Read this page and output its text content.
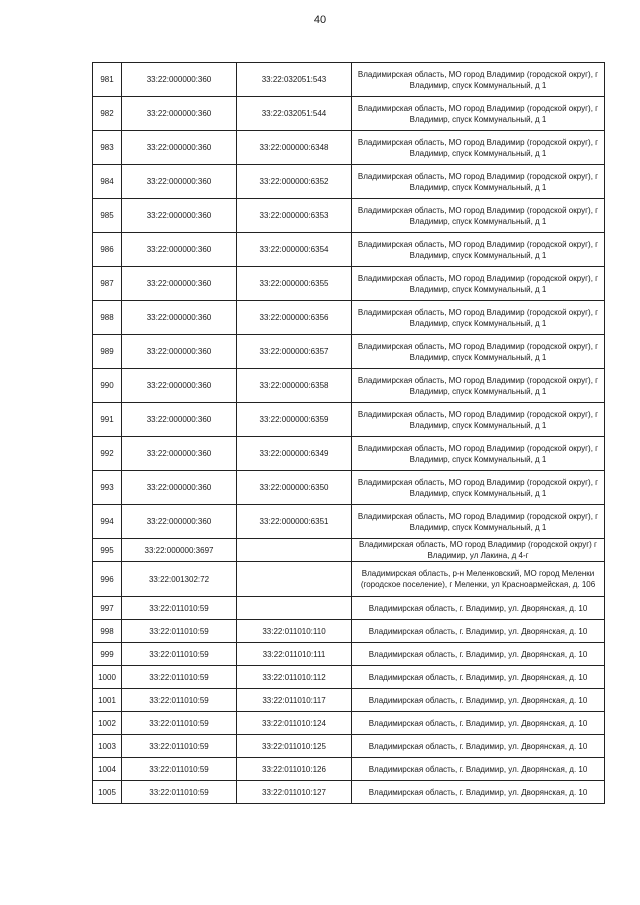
40
981	33:22:000000:360	33:22:032051:543	Владимирская область, МО город Владимир (городской округ), г Владимир, спуск Коммунальный, д 1
982	33:22:000000:360	33:22:032051:544	Владимирская область, МО город Владимир (городской округ), г Владимир, спуск Коммунальный, д 1
983	33:22:000000:360	33:22:000000:6348	Владимирская область, МО город Владимир (городской округ), г Владимир, спуск Коммунальный, д 1
984	33:22:000000:360	33:22:000000:6352	Владимирская область, МО город Владимир (городской округ), г Владимир, спуск Коммунальный, д 1
985	33:22:000000:360	33:22:000000:6353	Владимирская область, МО город Владимир (городской округ), г Владимир, спуск Коммунальный, д 1
986	33:22:000000:360	33:22:000000:6354	Владимирская область, МО город Владимир (городской округ), г Владимир, спуск Коммунальный, д 1
987	33:22:000000:360	33:22:000000:6355	Владимирская область, МО город Владимир (городской округ), г Владимир, спуск Коммунальный, д 1
988	33:22:000000:360	33:22:000000:6356	Владимирская область, МО город Владимир (городской округ), г Владимир, спуск Коммунальный, д 1
989	33:22:000000:360	33:22:000000:6357	Владимирская область, МО город Владимир (городской округ), г Владимир, спуск Коммунальный, д 1
990	33:22:000000:360	33:22:000000:6358	Владимирская область, МО город Владимир (городской округ), г Владимир, спуск Коммунальный, д 1
991	33:22:000000:360	33:22:000000:6359	Владимирская область, МО город Владимир (городской округ), г Владимир, спуск Коммунальный, д 1
992	33:22:000000:360	33:22:000000:6349	Владимирская область, МО город Владимир (городской округ), г Владимир, спуск Коммунальный, д 1
993	33:22:000000:360	33:22:000000:6350	Владимирская область, МО город Владимир (городской округ), г Владимир, спуск Коммунальный, д 1
994	33:22:000000:360	33:22:000000:6351	Владимирская область, МО город Владимир (городской округ), г Владимир, спуск Коммунальный, д 1
995	33:22:000000:3697		Владимирская область, МО город Владимир (городской округ) г Владимир, ул Лакина, д 4-г
996	33:22:001302:72		Владимирская область, р-н Меленковский, МО город Меленки (городское поселение), г Меленки, ул Красноармейская, д. 106
997	33:22:011010:59		Владимирская область, г. Владимир, ул. Дворянская, д. 10
998	33:22:011010:59	33:22:011010:110	Владимирская область, г. Владимир, ул. Дворянская, д. 10
999	33:22:011010:59	33:22:011010:111	Владимирская область, г. Владимир, ул. Дворянская, д. 10
1000	33:22:011010:59	33:22:011010:112	Владимирская область, г. Владимир, ул. Дворянская, д. 10
1001	33:22:011010:59	33:22:011010:117	Владимирская область, г. Владимир, ул. Дворянская, д. 10
1002	33:22:011010:59	33:22:011010:124	Владимирская область, г. Владимир, ул. Дворянская, д. 10
1003	33:22:011010:59	33:22:011010:125	Владимирская область, г. Владимир, ул. Дворянская, д. 10
1004	33:22:011010:59	33:22:011010:126	Владимирская область, г. Владимир, ул. Дворянская, д. 10
1005	33:22:011010:59	33:22:011010:127	Владимирская область, г. Владимир, ул. Дворянская, д. 10
